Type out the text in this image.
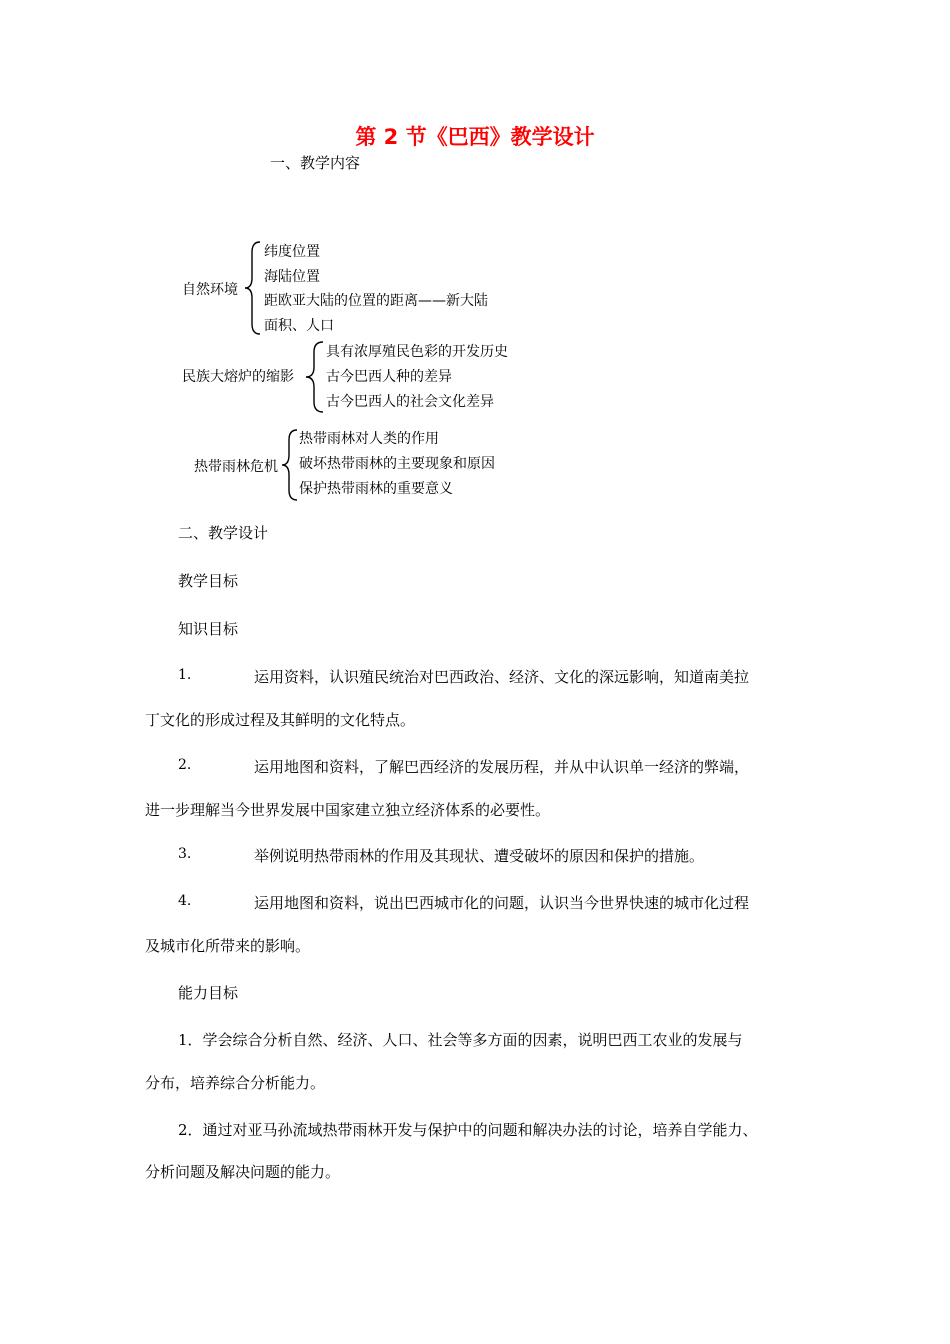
第 2 节《巴西》教学设计
一、教学内容
自然环境
纬度位置
海陆位置
距欧亚大陆的位置的距离——新大陆
面积、人口
民族大熔炉的缩影
具有浓厚殖民色彩的开发历史
古今巴西人种的差异
古今巴西人的社会文化差异
热带雨林危机
热带雨林对人类的作用
破坏热带雨林的主要现象和原因
保护热带雨林的重要意义
二、教学设计
教学目标
知识目标
1.	运用资料，认识殖民统治对巴西政治、经济、文化的深远影响，知道南美拉
丁文化的形成过程及其鲜明的文化特点。
2.	运用地图和资料，了解巴西经济的发展历程，并从中认识单一经济的弊端，
进一步理解当今世界发展中国家建立独立经济体系的必要性。
3.	举例说明热带雨林的作用及其现状、遭受破坏的原因和保护的措施。
4.	运用地图和资料，说出巴西城市化的问题，认识当今世界快速的城市化过程
及城市化所带来的影响。
能力目标
1．学会综合分析自然、经济、人口、社会等多方面的因素，说明巴西工农业的发展与
分布，培养综合分析能力。
2．通过对亚马孙流域热带雨林开发与保护中的问题和解决办法的讨论，培养自学能力、
分析问题及解决问题的能力。
